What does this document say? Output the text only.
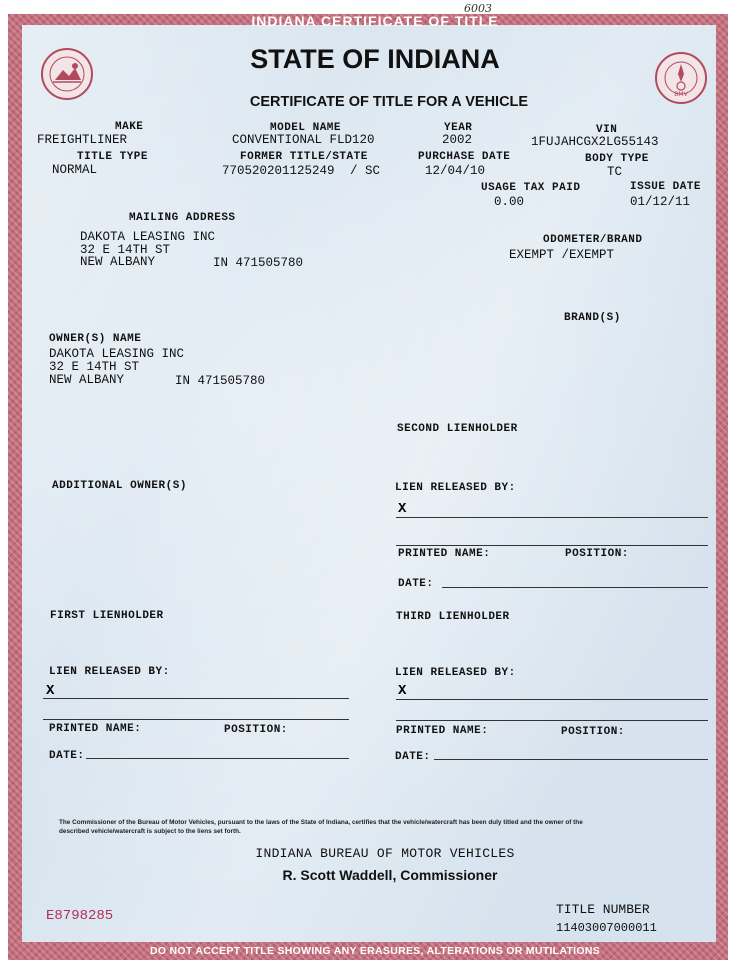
6003
INDIANA CERTIFICATE OF TITLE
BMV
STATE OF INDIANA
CERTIFICATE OF TITLE FOR A VEHICLE
MAKE
FREIGHTLINER
MODEL NAME
CONVENTIONAL FLD120
YEAR
2002
VIN
1FUJAHCGX2LG55143
TITLE TYPE
NORMAL
FORMER TITLE/STATE
770520201125249 / SC
PURCHASE DATE
12/04/10
BODY TYPE
TC
USAGE TAX PAID
0.00
ISSUE DATE
01/12/11
MAILING ADDRESS
DAKOTA LEASING INC
32 E 14TH ST
NEW ALBANY	IN 471505780
ODOMETER/BRAND
EXEMPT /EXEMPT
BRAND(S)
OWNER(S) NAME
DAKOTA LEASING INC
32 E 14TH ST
NEW ALBANY	IN 471505780
SECOND LIENHOLDER
ADDITIONAL OWNER(S)	LIEN RELEASED BY:
X
PRINTED NAME:	POSITION:
DATE:
FIRST LIENHOLDER	THIRD LIENHOLDER
LIEN RELEASED BY:
X
PRINTED NAME:	POSITION:
DATE:
LIEN RELEASED BY:
X
PRINTED NAME:	POSITION:
DATE:
The Commissioner of the Bureau of Motor Vehicles, pursuant to the laws of the State of Indiana, certifies that the vehicle/watercraft has been duly titled and the owner of the
described vehicle/watercraft is subject to the liens set forth.
INDIANA BUREAU OF MOTOR VEHICLES
R. Scott Waddell, Commissioner
E8798285	TITLE NUMBER
11403007000011
DO NOT ACCEPT TITLE SHOWING ANY ERASURES, ALTERATIONS OR MUTILATIONS
